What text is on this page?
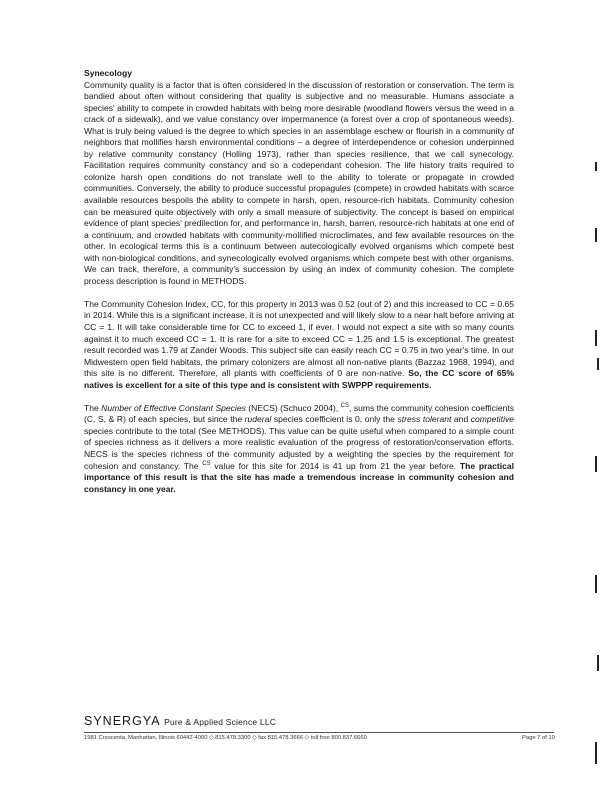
Synecology

Community quality is a factor that is often considered in the discussion of restoration or conservation. The term is bandied about often without considering that quality is subjective and no measurable. Humans associate a species' ability to compete in crowded habitats with being more desirable (woodland flowers versus the weed in a crack of a sidewalk), and we value constancy over impermanence (a forest over a crop of spontaneous weeds). What is truly being valued is the degree to which species in an assemblage eschew or flourish in a community of neighbors that mollifies harsh environmental conditions – a degree of interdependence or cohesion underpinned by relative community constancy (Holling 1973), rather than species resilience, that we call synecology. Facilitation requires community constancy and so a codependant cohesion. The life history traits required to colonize harsh open conditions do not translate well to the ability to tolerate or propagate in crowded communities. Conversely, the ability to produce successful propagules (compete) in crowded habitats with scarce available resources bespoils the ability to compete in harsh, open, resource-rich habitats. Community cohesion can be measured quite objectively with only a small measure of subjectivity. The concept is based on empirical evidence of plant species' predilection for, and performance in, harsh, barren, resource-rich habitats at one end of a continuum, and crowded habitats with community-mollified microclimates, and few available resources on the other. In ecological terms this is a continuum between autecologically evolved organisms which compete best with non-biological conditions, and synecologically evolved organisms which compete best with other organisms. We can track, therefore, a community's succession by using an index of community cohesion. The complete process description is found in METHODS.

The Community Cohesion Index, CC, for this property in 2013 was 0.52 (out of 2) and this increased to CC = 0.65 in 2014. While this is a significant increase, it is not unexpected and will likely slow to a near halt before arriving at CC = 1. It will take considerable time for CC to exceed 1, if ever. I would not expect a site with so many counts against it to much exceed CC = 1. It is rare for a site to exceed CC = 1.25 and 1.5 is exceptional. The greatest result recorded was 1.79 at Zander Woods. This subject site can easily reach CC = 0.75 in two year's time. In our Midwestern open field habitats, the primary colonizers are almost all non-native plants (Bazzaz 1968, 1994), and this site is no different. Therefore, all plants with coefficients of 0 are non-native. So, the CC score of 65% natives is excellent for a site of this type and is consistent with SWPPP requirements.

The Number of Effective Constant Species (NECS) (Schuco 2004), $^{CS}$, sums the community cohesion coefficients (C, S, & R) of each species, but since the ruderal species coefficient is 0, only the stress tolerant and competitive species contribute to the total (See METHODS). This value can be quite useful when compared to a simple count of species richness as it delivers a more realistic evaluation of the progress of restoration/conservation efforts. NECS is the species richness of the community adjusted by a weighting the species by the requirement for cohesion and constancy. The $^{CS}$ value for this site for 2014 is 41 up from 21 the year before. The practical importance of this result is that the site has made a tremendous increase in community cohesion and constancy in one year.

SYNERGYA Pure & Applied Science LLC
1981 Crescenta, Manhattan, Illinois 60442-4000 ◇ 815.478.3300 ◇ fax 815.478.3666 ◇ toll free 800.837.6660	Page 7 of 10
